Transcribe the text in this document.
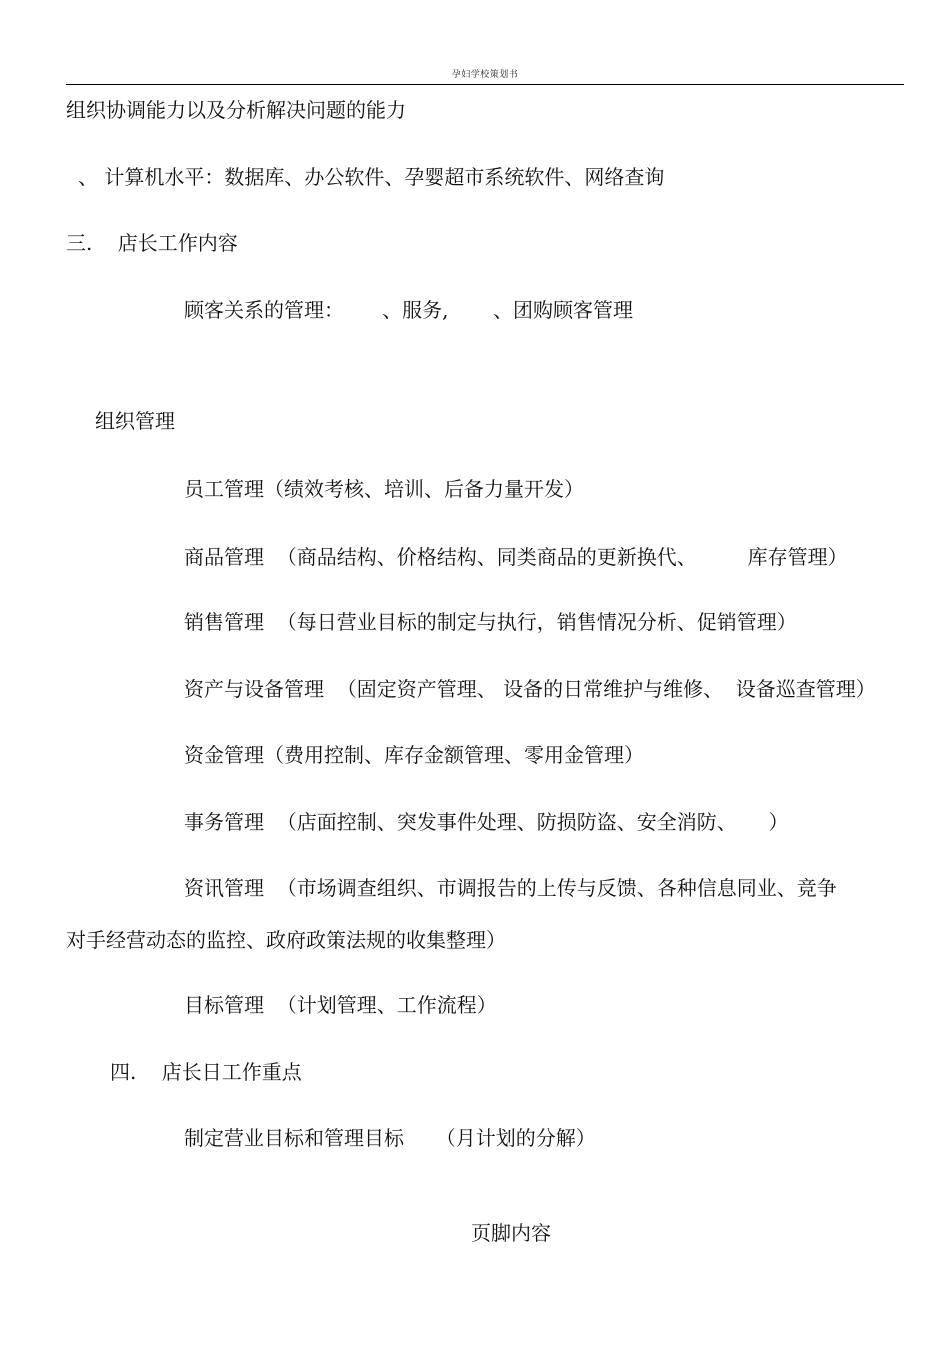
孕妇学校策划书
组织协调能力以及分析解决问题的能力
、 计算机水平：数据库、办公软件、孕婴超市系统软件、网络查询
三.    店长工作内容
顾客关系的管理：      、服务,       、团购顾客管理
组织管理
员工管理（绩效考核、培训、后备力量开发）
商品管理  （商品结构、价格结构、同类商品的更新换代、        库存管理）
销售管理  （每日营业目标的制定与执行，销售情况分析、促销管理）
资产与设备管理  （固定资产管理、 设备的日常维护与维修、  设备巡查管理）
资金管理（费用控制、库存金额管理、零用金管理）
事务管理  （店面控制、突发事件处理、防损防盗、安全消防、     ）
资讯管理  （市场调查组织、市调报告的上传与反馈、各种信息同业、竞争
对手经营动态的监控、政府政策法规的收集整理）
目标管理  （计划管理、工作流程）
四.    店长日工作重点
制定营业目标和管理目标     （月计划的分解）
页脚内容
